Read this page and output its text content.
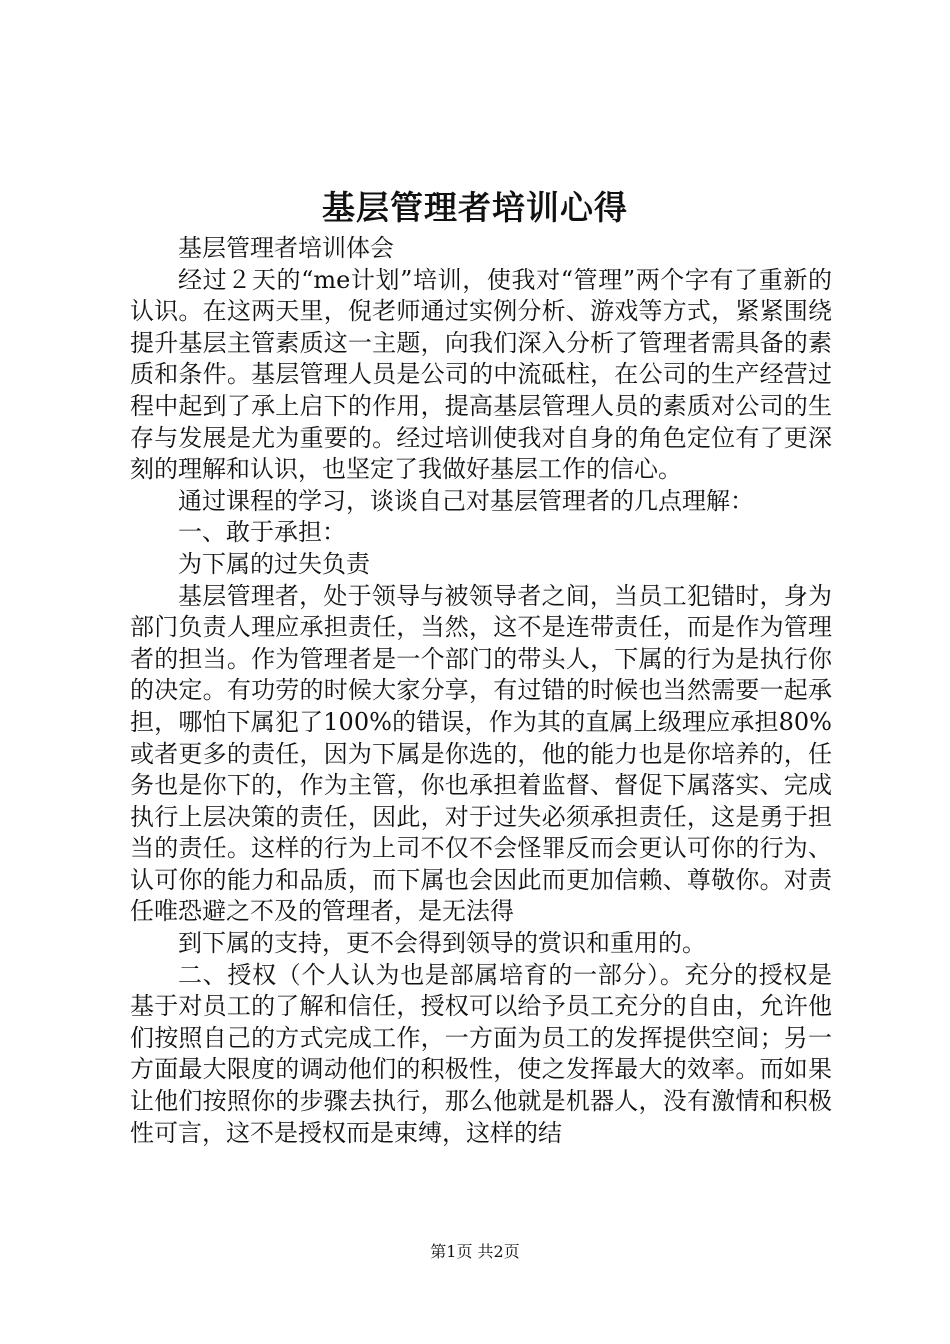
基层管理者培训心得

基层管理者培训体会

经过２天的“me计划”培训，使我对“管理”两个字有了重新的认识。在这两天里，倪老师通过实例分析、游戏等方式，紧紧围绕提升基层主管素质这一主题，向我们深入分析了管理者需具备的素质和条件。基层管理人员是公司的中流砥柱，在公司的生产经营过程中起到了承上启下的作用，提高基层管理人员的素质对公司的生存与发展是尤为重要的。经过培训使我对自身的角色定位有了更深刻的理解和认识，也坚定了我做好基层工作的信心。

通过课程的学习，谈谈自己对基层管理者的几点理解：

一、敢于承担：

为下属的过失负责

基层管理者，处于领导与被领导者之间，当员工犯错时，身为部门负责人理应承担责任，当然，这不是连带责任，而是作为管理者的担当。作为管理者是一个部门的带头人，下属的行为是执行你的决定。有功劳的时候大家分享，有过错的时候也当然需要一起承担，哪怕下属犯了100%的错误，作为其的直属上级理应承担80%或者更多的责任，因为下属是你选的，他的能力也是你培养的，任务也是你下的，作为主管，你也承担着监督、督促下属落实、完成执行上层决策的责任，因此，对于过失必须承担责任，这是勇于担当的责任。这样的行为上司不仅不会怪罪反而会更认可你的行为、认可你的能力和品质，而下属也会因此而更加信赖、尊敬你。对责任唯恐避之不及的管理者，是无法得

到下属的支持，更不会得到领导的赏识和重用的。

二、授权（个人认为也是部属培育的一部分）。充分的授权是基于对员工的了解和信任，授权可以给予员工充分的自由，允许他们按照自己的方式完成工作，一方面为员工的发挥提供空间；另一方面最大限度的调动他们的积极性，使之发挥最大的效率。而如果让他们按照你的步骤去执行，那么他就是机器人，没有激情和积极性可言，这不是授权而是束缚，这样的结

第1页 共2页
